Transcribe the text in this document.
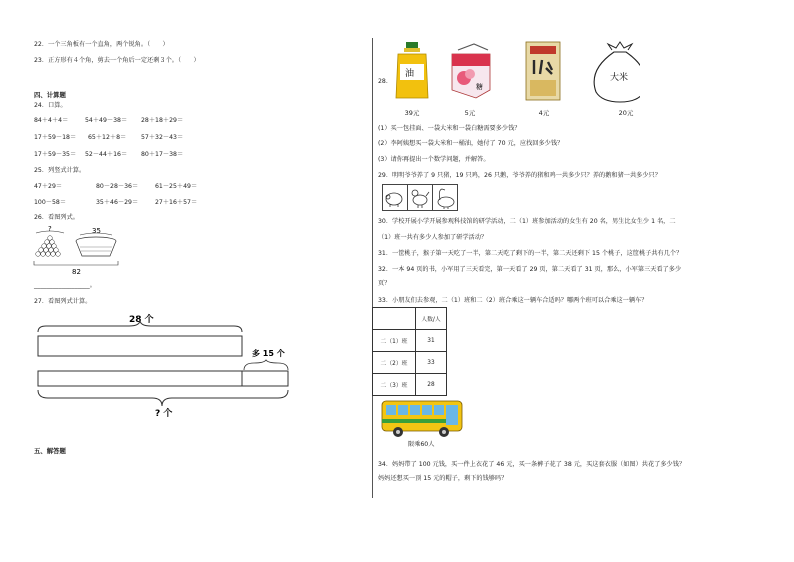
22．一个三角板有一个直角，两个锐角。（　　）
23．正方形有４个角，剪去一个角后一定还剩３个。（　　）
四、计算题
24．口算。
84＋4＋4＝	54＋49－38＝ 28＋18＋29＝
17＋59－18＝ 65＋12＋8＝ 57＋32－43＝
17＋59－35＝ 52－44＋16＝ 80＋17－38＝
25．列竖式计算。
47＋29＝	80－28－36＝	61－25＋49＝
100－58＝	35＋46－29＝	27＋16＋57＝
26．看图列式。
?	35
82
__________________。
27．看图列式计算。
28 个
多 15 个
? 个
五、解答题
28.
油
糖
大米
39元	5元	4元	20元
(1）买一包挂面、一袋大米和一袋白糖需要多少钱？
(2）李阿姨想买一袋大米和一桶油，她付了 70 元，应找回多少钱？
(3）请你再提出一个数学问题，并解答。
29．明明爷爷养了 9 只猪，19 只鸡，26 只鹅，爷爷养的猪和鸡一共多少只？养的鹅和猪一共多少只？
30．学校开展小学开展参观科技馆的研学活动，二（1）班参加活动的女生有 20 名，男生比女生少 1 名，二
（1）班一共有多少人参加了研学活动？
31．一筐桃子，猴子第一天吃了一半，第二天吃了剩下的一半，第二天还剩下 15 个桃子，这筐桃子共有几个？
32．一本 94 页的书，小军用了三天看完，第一天看了 29 页，第二天看了 31 页，那么，小军第三天看了多少
页？
33．小朋友们去参观，二（1）班和二（2）班合乘这一辆车合适吗？哪两个班可以合乘这一辆车？
	人数/人
二（1）班	31
二（2）班	33
二（3）班	28
限乘60人
34．妈妈带了 100 元钱，买一件上衣花了 46 元，买一条裤子花了 38 元，买这套衣服（如图）共花了多少钱？
妈妈还想买一顶 15 元的帽子，剩下的钱够吗？
